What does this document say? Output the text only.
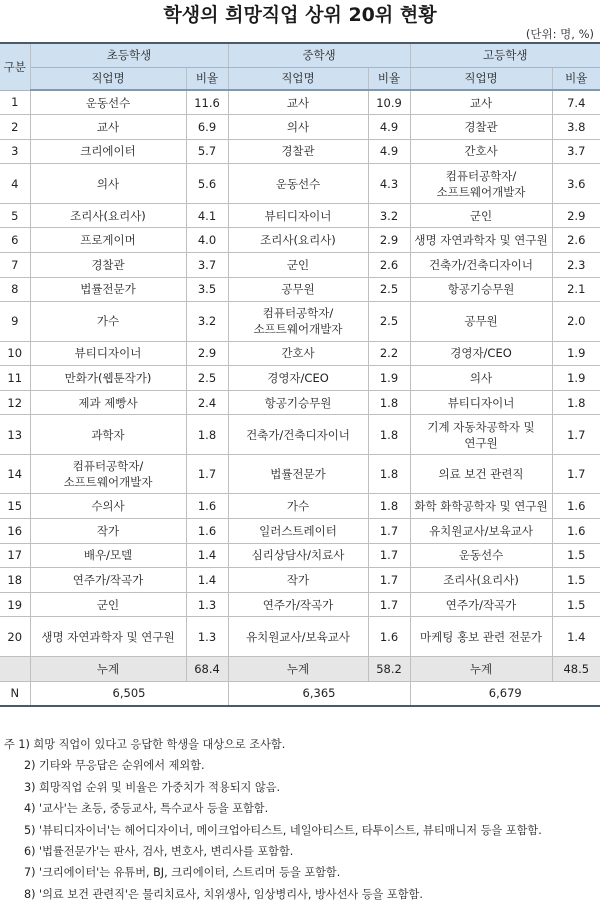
학생의 희망직업 상위 20위 현황
(단위: 명, %)
구분	초등학생		중학생		고등학생	
	직업명	비율	직업명	비율	직업명	비율
1	운동선수	11.6	교사	10.9	교사	7.4
2	교사	6.9	의사	4.9	경찰관	3.8
3	크리에이터	5.7	경찰관	4.9	간호사	3.7
4	의사	5.6	운동선수	4.3	컴퓨터공학자/
소프트웨어개발자	3.6
5	조리사(요리사)	4.1	뷰티디자이너	3.2	군인	2.9
6	프로게이머	4.0	조리사(요리사)	2.9	생명 자연과학자 및 연구원	2.6
7	경찰관	3.7	군인	2.6	건축가/건축디자이너	2.3
8	법률전문가	3.5	공무원	2.5	항공기승무원	2.1
9	가수	3.2	컴퓨터공학자/
소프트웨어개발자	2.5	공무원	2.0
10	뷰티디자이너	2.9	간호사	2.2	경영자/CEO	1.9
11	만화가(웹툰작가)	2.5	경영자/CEO	1.9	의사	1.9
12	제과 제빵사	2.4	항공기승무원	1.8	뷰티디자이너	1.8
13	과학자	1.8	건축가/건축디자이너	1.8	기계 자동차공학자 및
연구원	1.7
14	컴퓨터공학자/
소프트웨어개발자	1.7	법률전문가	1.8	의료 보건 관련직	1.7
15	수의사	1.6	가수	1.8	화학 화학공학자 및 연구원	1.6
16	작가	1.6	일러스트레이터	1.7	유치원교사/보육교사	1.6
17	배우/모델	1.4	심리상담사/치료사	1.7	운동선수	1.5
18	연주가/작곡가	1.4	작가	1.7	조리사(요리사)	1.5
19	군인	1.3	연주가/작곡가	1.7	연주가/작곡가	1.5
20	생명 자연과학자 및 연구원	1.3	유치원교사/보육교사	1.6	마케팅 홍보 관련 전문가	1.4
	누계	68.4	누계	58.2	누계	48.5
N	6,505		6,365		6,679	
주 1) 희망 직업이 있다고 응답한 학생을 대상으로 조사함.
2) 기타와 무응답은 순위에서 제외함.
3) 희망직업 순위 및 비율은 가중치가 적용되지 않음.
4) '교사'는 초등, 중등교사, 특수교사 등을 포함함.
5) '뷰티디자이너'는 헤어디자이너, 메이크업아티스트, 네일아티스트, 타투이스트, 뷰티매니저 등을 포함함.
6) '법률전문가'는 판사, 검사, 변호사, 변리사를 포함함.
7) '크리에이터'는 유튜버, BJ, 크리에이터, 스트리머 등을 포함함.
8) '의료 보건 관련직'은 물리치료사, 치위생사, 임상병리사, 방사선사 등을 포함함.
